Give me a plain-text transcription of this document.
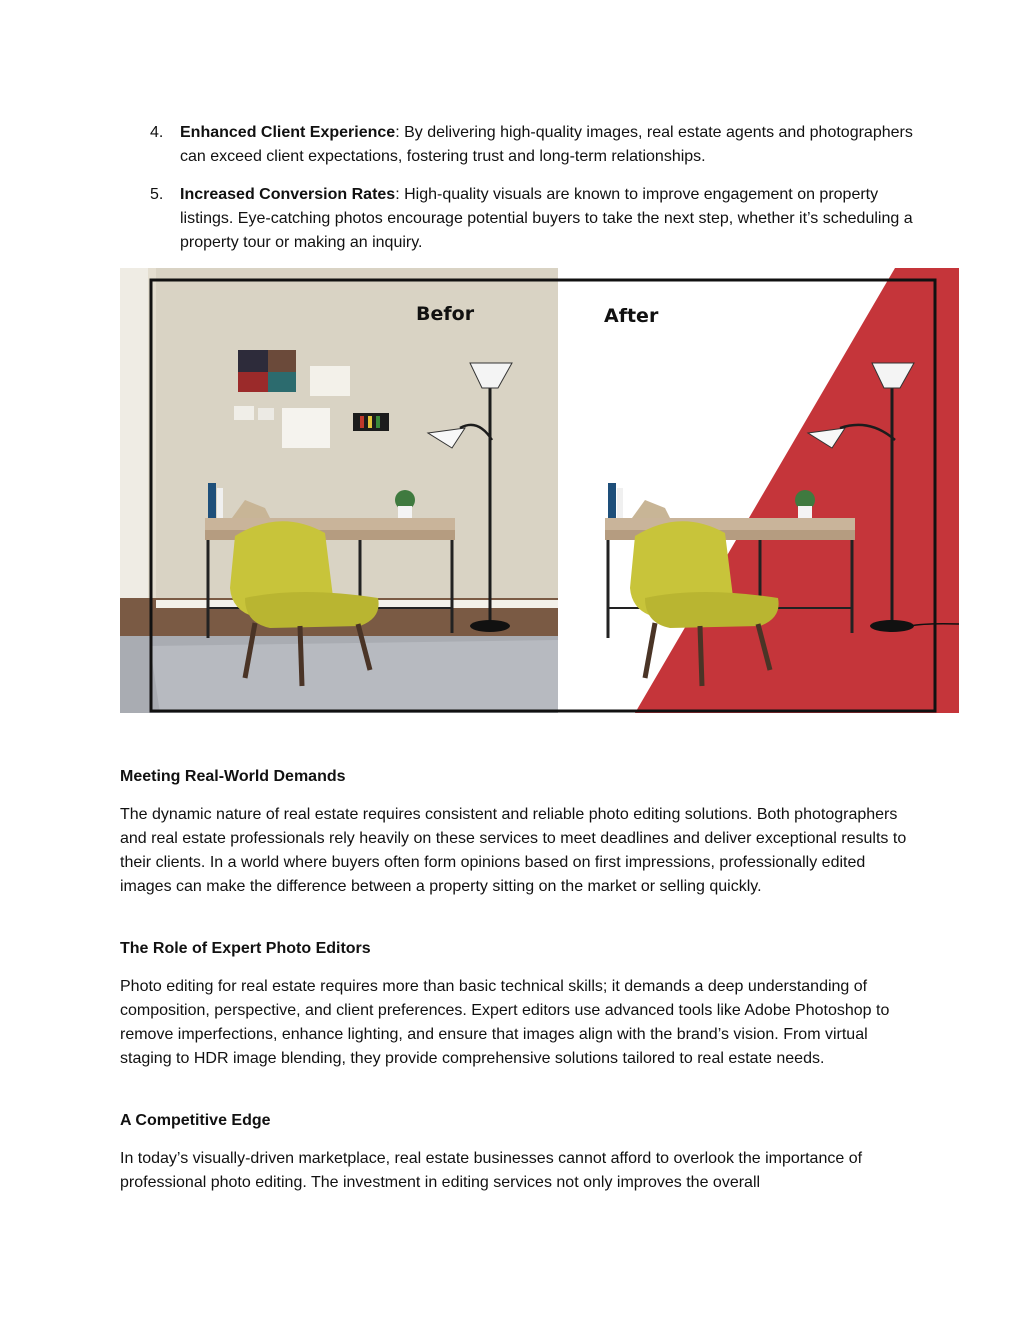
4. Enhanced Client Experience: By delivering high-quality images, real estate agents and photographers can exceed client expectations, fostering trust and long-term relationships.
5. Increased Conversion Rates: High-quality visuals are known to improve engagement on property listings. Eye-catching photos encourage potential buyers to take the next step, whether it’s scheduling a property tour or making an inquiry.
Befor	After
Meeting Real-World Demands

The dynamic nature of real estate requires consistent and reliable photo editing solutions. Both photographers and real estate professionals rely heavily on these services to meet deadlines and deliver exceptional results to their clients. In a world where buyers often form opinions based on first impressions, professionally edited images can make the difference between a property sitting on the market or selling quickly.

The Role of Expert Photo Editors

Photo editing for real estate requires more than basic technical skills; it demands a deep understanding of composition, perspective, and client preferences. Expert editors use advanced tools like Adobe Photoshop to remove imperfections, enhance lighting, and ensure that images align with the brand’s vision. From virtual staging to HDR image blending, they provide comprehensive solutions tailored to real estate needs.

A Competitive Edge

In today’s visually-driven marketplace, real estate businesses cannot afford to overlook the importance of professional photo editing. The investment in editing services not only improves the overall
